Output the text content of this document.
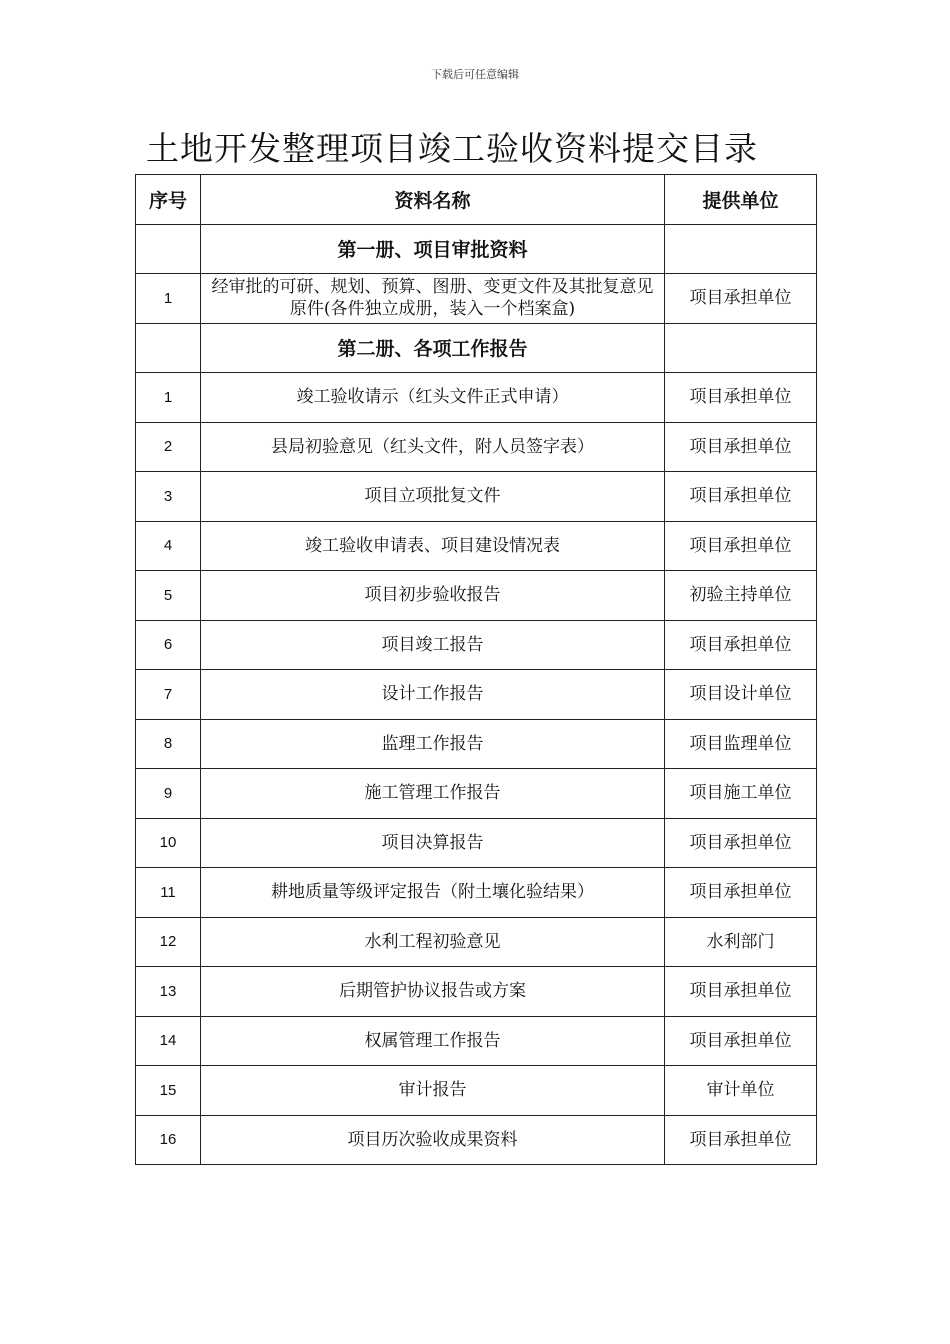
下载后可任意编辑
土地开发整理项目竣工验收资料提交目录
序号	资料名称	提供单位
	第一册、项目审批资料	
1	经审批的可研、规划、预算、图册、变更文件及其批复意见原件(各件独立成册，装入一个档案盒)	项目承担单位
	第二册、各项工作报告	
1	竣工验收请示（红头文件正式申请）	项目承担单位
2	县局初验意见（红头文件，附人员签字表）	项目承担单位
3	项目立项批复文件	项目承担单位
4	竣工验收申请表、项目建设情况表	项目承担单位
5	项目初步验收报告	初验主持单位
6	项目竣工报告	项目承担单位
7	设计工作报告	项目设计单位
8	监理工作报告	项目监理单位
9	施工管理工作报告	项目施工单位
10	项目决算报告	项目承担单位
11	耕地质量等级评定报告（附土壤化验结果）	项目承担单位
12	水利工程初验意见	水利部门
13	后期管护协议报告或方案	项目承担单位
14	权属管理工作报告	项目承担单位
15	审计报告	审计单位
16	项目历次验收成果资料	项目承担单位
